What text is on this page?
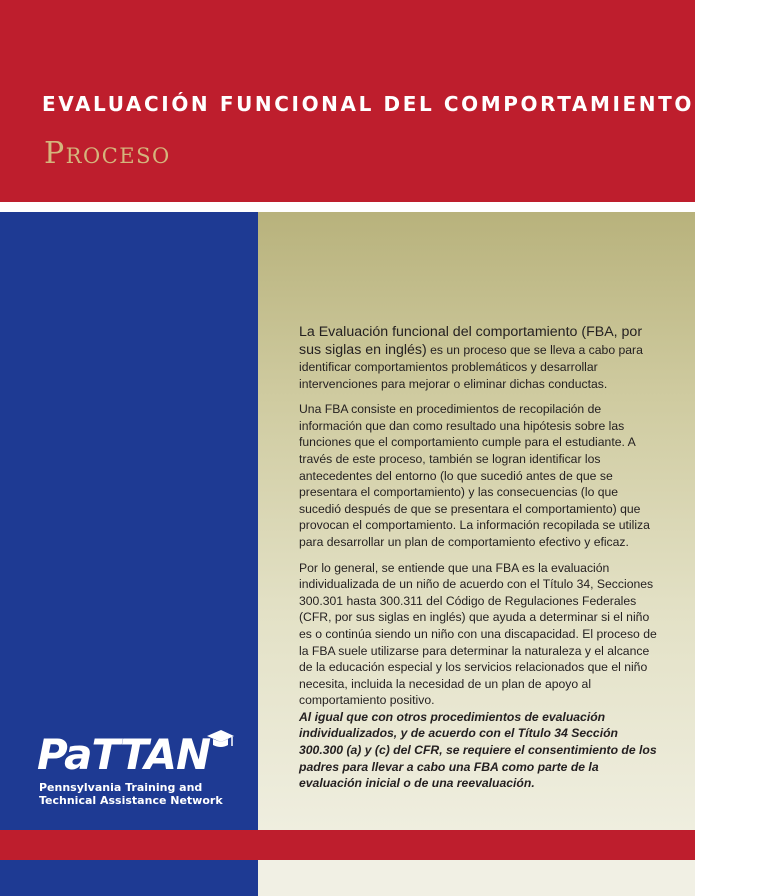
EVALUACIÓN FUNCIONAL DEL COMPORTAMIENTO (FBA)
Proceso

La Evaluación funcional del comportamiento (FBA, por sus siglas en inglés) es un proceso que se lleva a cabo para identificar comportamientos problemáticos y desarrollar intervenciones para mejorar o eliminar dichas conductas.

Una FBA consiste en procedimientos de recopilación de información que dan como resultado una hipótesis sobre las funciones que el comportamiento cumple para el estudiante. A través de este proceso, también se logran identificar los antecedentes del entorno (lo que sucedió antes de que se presentara el comportamiento) y las consecuencias (lo que sucedió después de que se presentara el comportamiento) que provocan el comportamiento. La información recopilada se utiliza para desarrollar un plan de comportamiento efectivo y eficaz.

Por lo general, se entiende que una FBA es la evaluación individualizada de un niño de acuerdo con el Título 34, Secciones 300.301 hasta 300.311 del Código de Regulaciones Federales (CFR, por sus siglas en inglés) que ayuda a determinar si el niño es o continúa siendo un niño con una discapacidad. El proceso de la FBA suele utilizarse para determinar la naturaleza y el alcance de la educación especial y los servicios relacionados que el niño necesita, incluida la necesidad de un plan de apoyo al comportamiento positivo.

Al igual que con otros procedimientos de evaluación individualizados, y de acuerdo con el Título 34 Sección 300.300 (a) y (c) del CFR, se requiere el consentimiento de los padres para llevar a cabo una FBA como parte de la evaluación inicial o de una reevaluación.

PaTTAN
Pennsylvania Training and
Technical Assistance Network
